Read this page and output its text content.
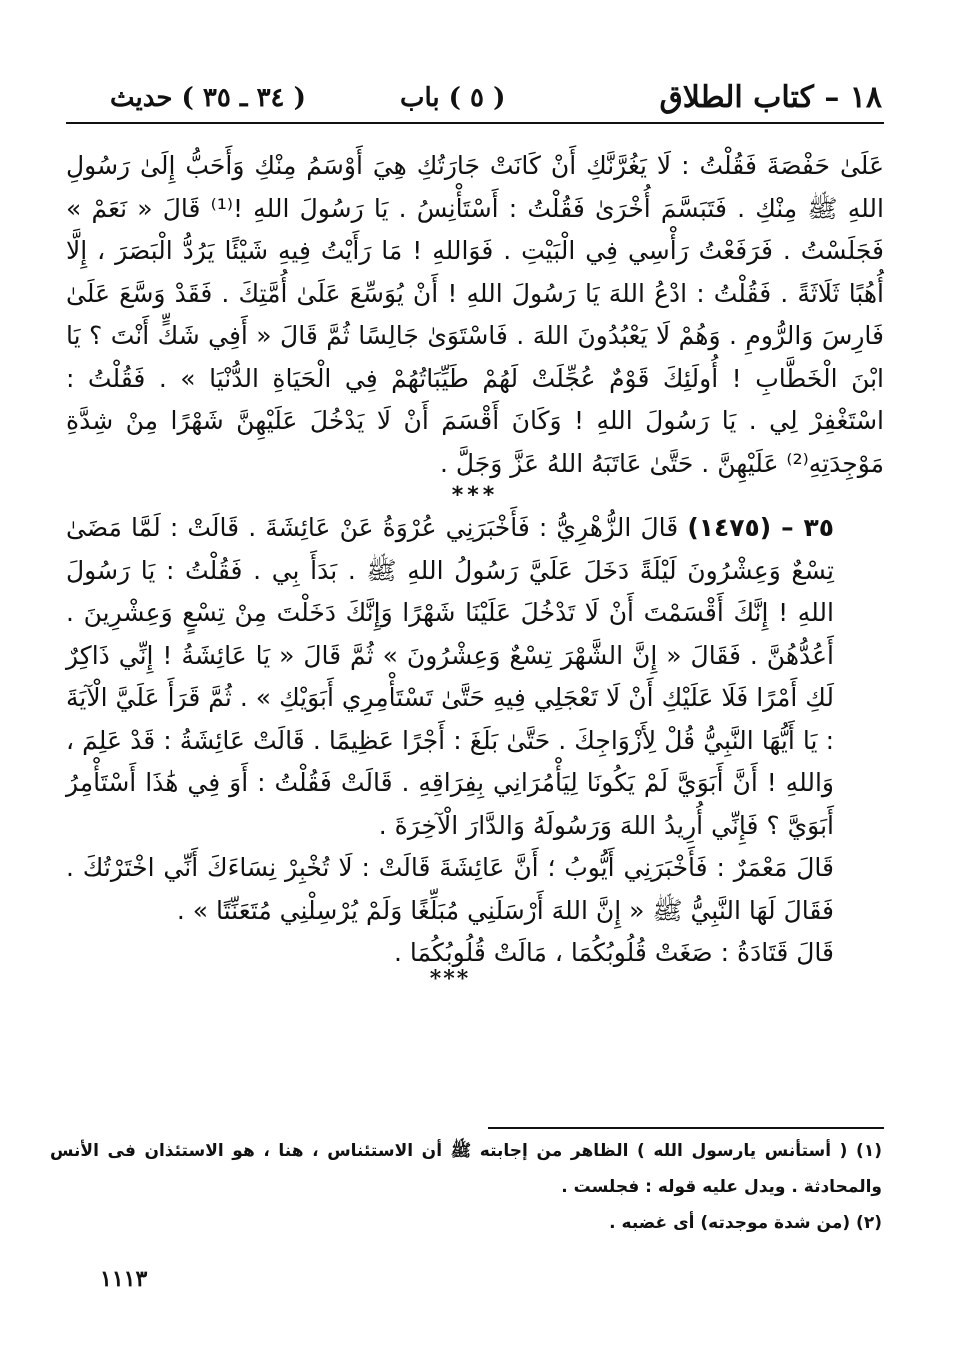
١٨ – كتاب الطلاق
( ٥ ) باب
( ٣٤ ـ ٣٥ ) حديث

عَلَىٰ حَفْصَةَ فَقُلْتُ : لَا يَغُرَّنَّكِ أَنْ كَانَتْ جَارَتُكِ هِيَ أَوْسَمُ مِنْكِ وَأَحَبُّ إِلَىٰ رَسُولِ اللهِ ﷺ مِنْكِ . فَتَبَسَّمَ أُخْرَىٰ فَقُلْتُ : أَسْتَأْنِسُ . يَا رَسُولَ اللهِ !⁽¹⁾ قَالَ « نَعَمْ » فَجَلَسْتُ . فَرَفَعْتُ رَأْسِي فِي الْبَيْتِ . فَوَاللهِ ! مَا رَأَيْتُ فِيهِ شَيْئًا يَرُدُّ الْبَصَرَ ، إِلَّا أُهُبًا ثَلَاثَةً . فَقُلْتُ : ادْعُ اللهَ يَا رَسُولَ اللهِ ! أَنْ يُوَسِّعَ عَلَىٰ أُمَّتِكَ . فَقَدْ وَسَّعَ عَلَىٰ فَارِسَ وَالرُّومِ . وَهُمْ لَا يَعْبُدُونَ اللهَ . فَاسْتَوَىٰ جَالِسًا ثُمَّ قَالَ « أَفِي شَكٍّ أَنْتَ ؟ يَا ابْنَ الْخَطَّابِ ! أُولَئِكَ قَوْمٌ عُجِّلَتْ لَهُمْ طَيِّبَاتُهُمْ فِي الْحَيَاةِ الدُّنْيَا » . فَقُلْتُ : اسْتَغْفِرْ لِي . يَا رَسُولَ اللهِ ! وَكَانَ أَقْسَمَ أَنْ لَا يَدْخُلَ عَلَيْهِنَّ شَهْرًا مِنْ شِدَّةِ مَوْجِدَتِهِ⁽²⁾ عَلَيْهِنَّ . حَتَّىٰ عَاتَبَهُ اللهُ عَزَّ وَجَلَّ .

***

٣٥ – (١٤٧٥) قَالَ الزُّهْرِيُّ : فَأَخْبَرَنِي عُرْوَةُ عَنْ عَائِشَةَ . قَالَتْ : لَمَّا مَضَىٰ تِسْعٌ وَعِشْرُونَ لَيْلَةً دَخَلَ عَلَيَّ رَسُولُ اللهِ ﷺ . بَدَأَ بِي . فَقُلْتُ : يَا رَسُولَ اللهِ ! إِنَّكَ أَقْسَمْتَ أَنْ لَا تَدْخُلَ عَلَيْنَا شَهْرًا وَإِنَّكَ دَخَلْتَ مِنْ تِسْعٍ وَعِشْرِينَ . أَعُدُّهُنَّ . فَقَالَ « إِنَّ الشَّهْرَ تِسْعٌ وَعِشْرُونَ » ثُمَّ قَالَ « يَا عَائِشَةُ ! إِنِّي ذَاكِرٌ لَكِ أَمْرًا فَلَا عَلَيْكِ أَنْ لَا تَعْجَلِي فِيهِ حَتَّىٰ تَسْتَأْمِرِي أَبَوَيْكِ » . ثُمَّ قَرَأَ عَلَيَّ الْآيَةَ : يَا أَيُّهَا النَّبِيُّ قُلْ لِأَزْوَاجِكَ . حَتَّىٰ بَلَغَ : أَجْرًا عَظِيمًا . قَالَتْ عَائِشَةُ : قَدْ عَلِمَ ، وَاللهِ ! أَنَّ أَبَوَيَّ لَمْ يَكُونَا لِيَأْمُرَانِي بِفِرَاقِهِ . قَالَتْ فَقُلْتُ : أَوَ فِي هَٰذَا أَسْتَأْمِرُ أَبَوَيَّ ؟ فَإِنِّي أُرِيدُ اللهَ وَرَسُولَهُ وَالدَّارَ الْآخِرَةَ .

قَالَ مَعْمَرٌ : فَأَخْبَرَنِي أَيُّوبُ ؛ أَنَّ عَائِشَةَ قَالَتْ : لَا تُخْبِرْ نِسَاءَكَ أَنِّي اخْتَرْتُكَ . فَقَالَ لَهَا النَّبِيُّ ﷺ « إِنَّ اللهَ أَرْسَلَنِي مُبَلِّغًا وَلَمْ يُرْسِلْنِي مُتَعَنِّتًا » .

قَالَ قَتَادَةُ : صَغَتْ قُلُوبُكُمَا ، مَالَتْ قُلُوبُكُمَا .

***

(١) ( أستأنس يارسول الله ) الظاهر من إجابته ﷺ أن الاستئناس ، هنا ، هو الاستئذان فى الأنس والمحادثة . ويدل عليه قوله : فجلست .

(٢) (من شدة موجدته) أى غضبه .

١١١٣
